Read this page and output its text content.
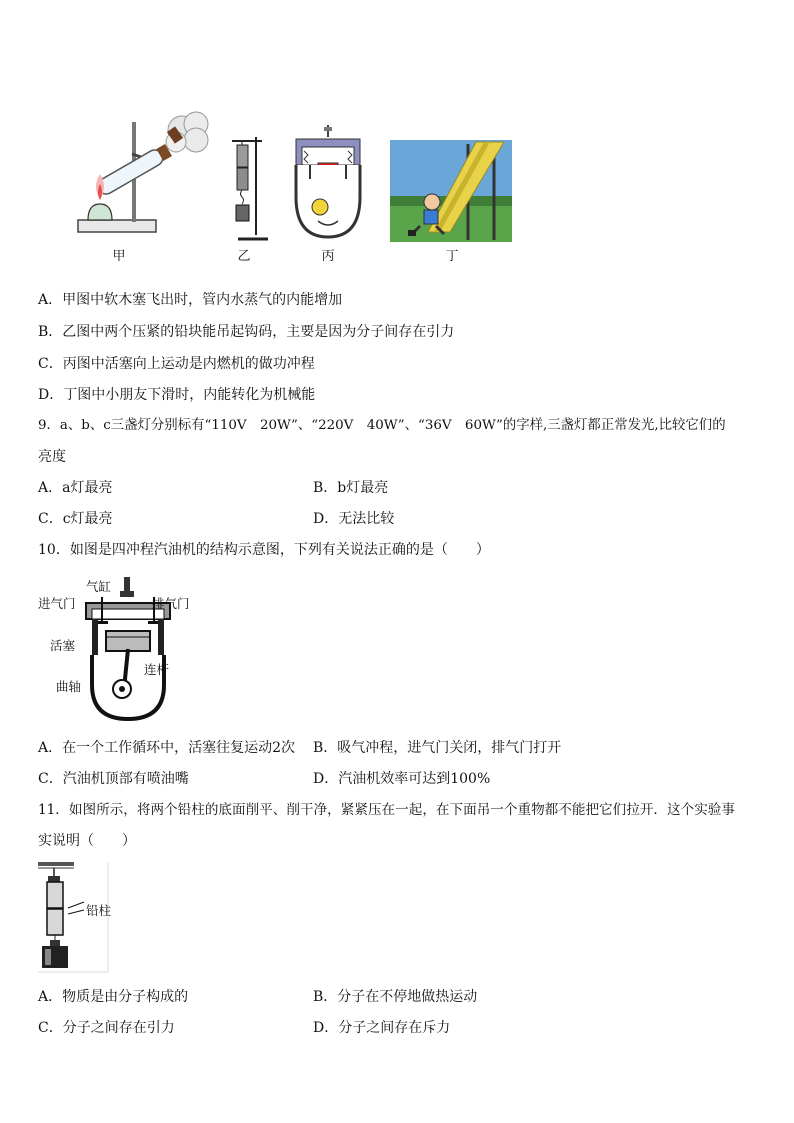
甲	乙	丙	丁
A．甲图中软木塞飞出时，管内水蒸气的内能增加
B．乙图中两个压紧的铅块能吊起钩码，主要是因为分子间存在引力
C．丙图中活塞向上运动是内燃机的做功冲程
D．丁图中小朋友下滑时，内能转化为机械能
9．a、b、c三盏灯分别标有“110V　20W”、“220V　40W”、“36V　60W”的字样,三盏灯都正常发光,比较它们的
亮度
A．a灯最亮	B．b灯最亮
C．c灯最亮	D．无法比较
10．如图是四冲程汽油机的结构示意图，下列有关说法正确的是（　　）
气缸
进气门	排气门
活塞
连杆
曲轴
A．在一个工作循环中，活塞往复运动2次 B．吸气冲程，进气门关闭，排气门打开
C．汽油机顶部有喷油嘴	D．汽油机效率可达到100%
11．如图所示，将两个铅柱的底面削平、削干净，紧紧压在一起，在下面吊一个重物都不能把它们拉开．这个实验事
实说明（　　）
铅柱
A．物质是由分子构成的	B．分子在不停地做热运动
C．分子之间存在引力	D．分子之间存在斥力
